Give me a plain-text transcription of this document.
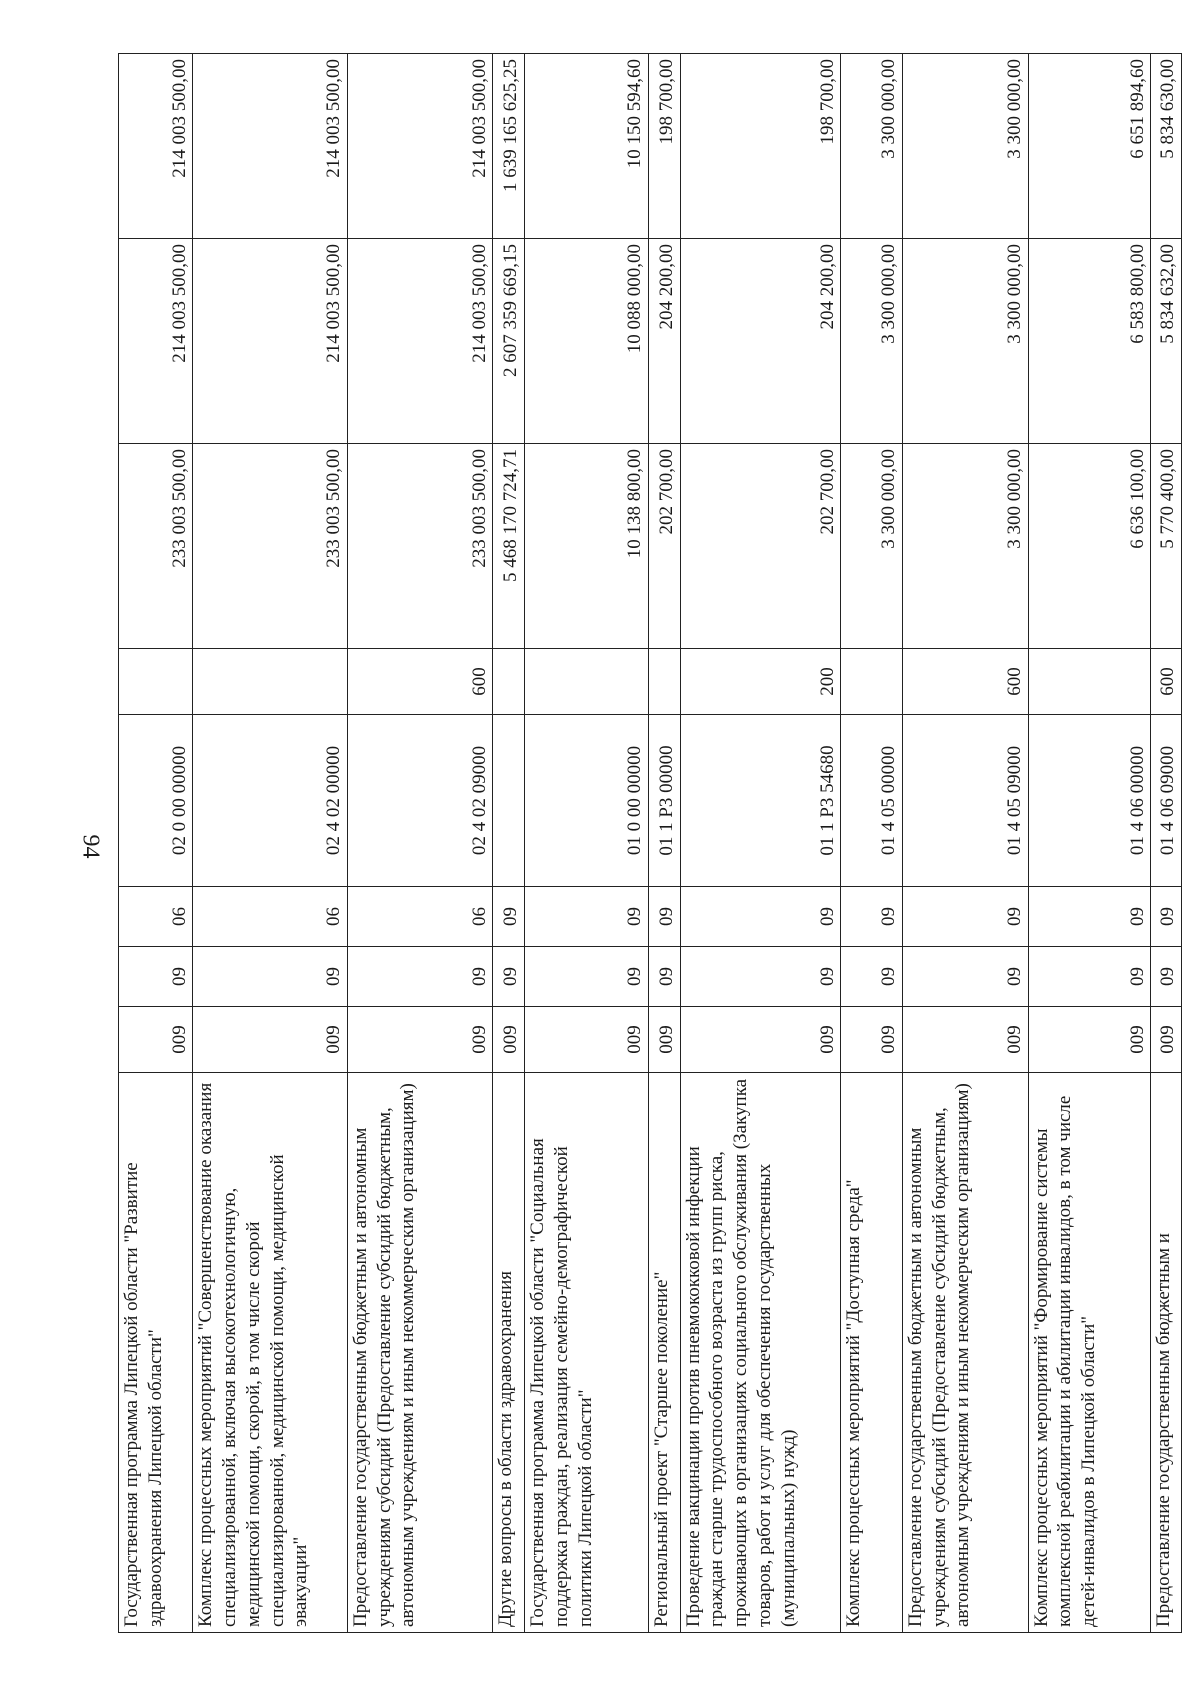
94
Государственная программа Липецкой области "Развитие здравоохранения Липецкой области"	009	09	06	02 0 00 00000		233 003 500,00	214 003 500,00	214 003 500,00
Комплекс процессных мероприятий "Совершенствование оказания специализированной, включая высокотехнологичную, медицинской помощи, скорой, в том числе скорой специализированной, медицинской помощи, медицинской эвакуации"	009	09	06	02 4 02 00000		233 003 500,00	214 003 500,00	214 003 500,00
Предоставление государственным бюджетным и автономным учреждениям субсидий (Предоставление субсидий бюджетным, автономным учреждениям и иным некоммерческим организациям)	009	09	06	02 4 02 09000	600	233 003 500,00	214 003 500,00	214 003 500,00
Другие вопросы в области здравоохранения	009	09	09			5 468 170 724,71	2 607 359 669,15	1 639 165 625,25
Государственная программа Липецкой области "Социальная поддержка граждан, реализация семейно-демографической политики Липецкой области"	009	09	09	01 0 00 00000		10 138 800,00	10 088 000,00	10 150 594,60
Региональный проект "Старшее поколение"	009	09	09	01 1 P3 00000		202 700,00	204 200,00	198 700,00
Проведение вакцинации против пневмококковой инфекции граждан старше трудоспособного возраста из групп риска, проживающих в организациях социального обслуживания (Закупка товаров, работ и услуг для обеспечения государственных (муниципальных) нужд)	009	09	09	01 1 P3 54680	200	202 700,00	204 200,00	198 700,00
Комплекс процессных мероприятий "Доступная среда"	009	09	09	01 4 05 00000		3 300 000,00	3 300 000,00	3 300 000,00
Предоставление государственным бюджетным и автономным учреждениям субсидий (Предоставление субсидий бюджетным, автономным учреждениям и иным некоммерческим организациям)	009	09	09	01 4 05 09000	600	3 300 000,00	3 300 000,00	3 300 000,00
Комплекс процессных мероприятий "Формирование системы комплексной реабилитации и абилитации инвалидов, в том числе детей-инвалидов в Липецкой области"	009	09	09	01 4 06 00000		6 636 100,00	6 583 800,00	6 651 894,60
Предоставление государственным бюджетным и	009	09	09	01 4 06 09000	600	5 770 400,00	5 834 632,00	5 834 630,00
